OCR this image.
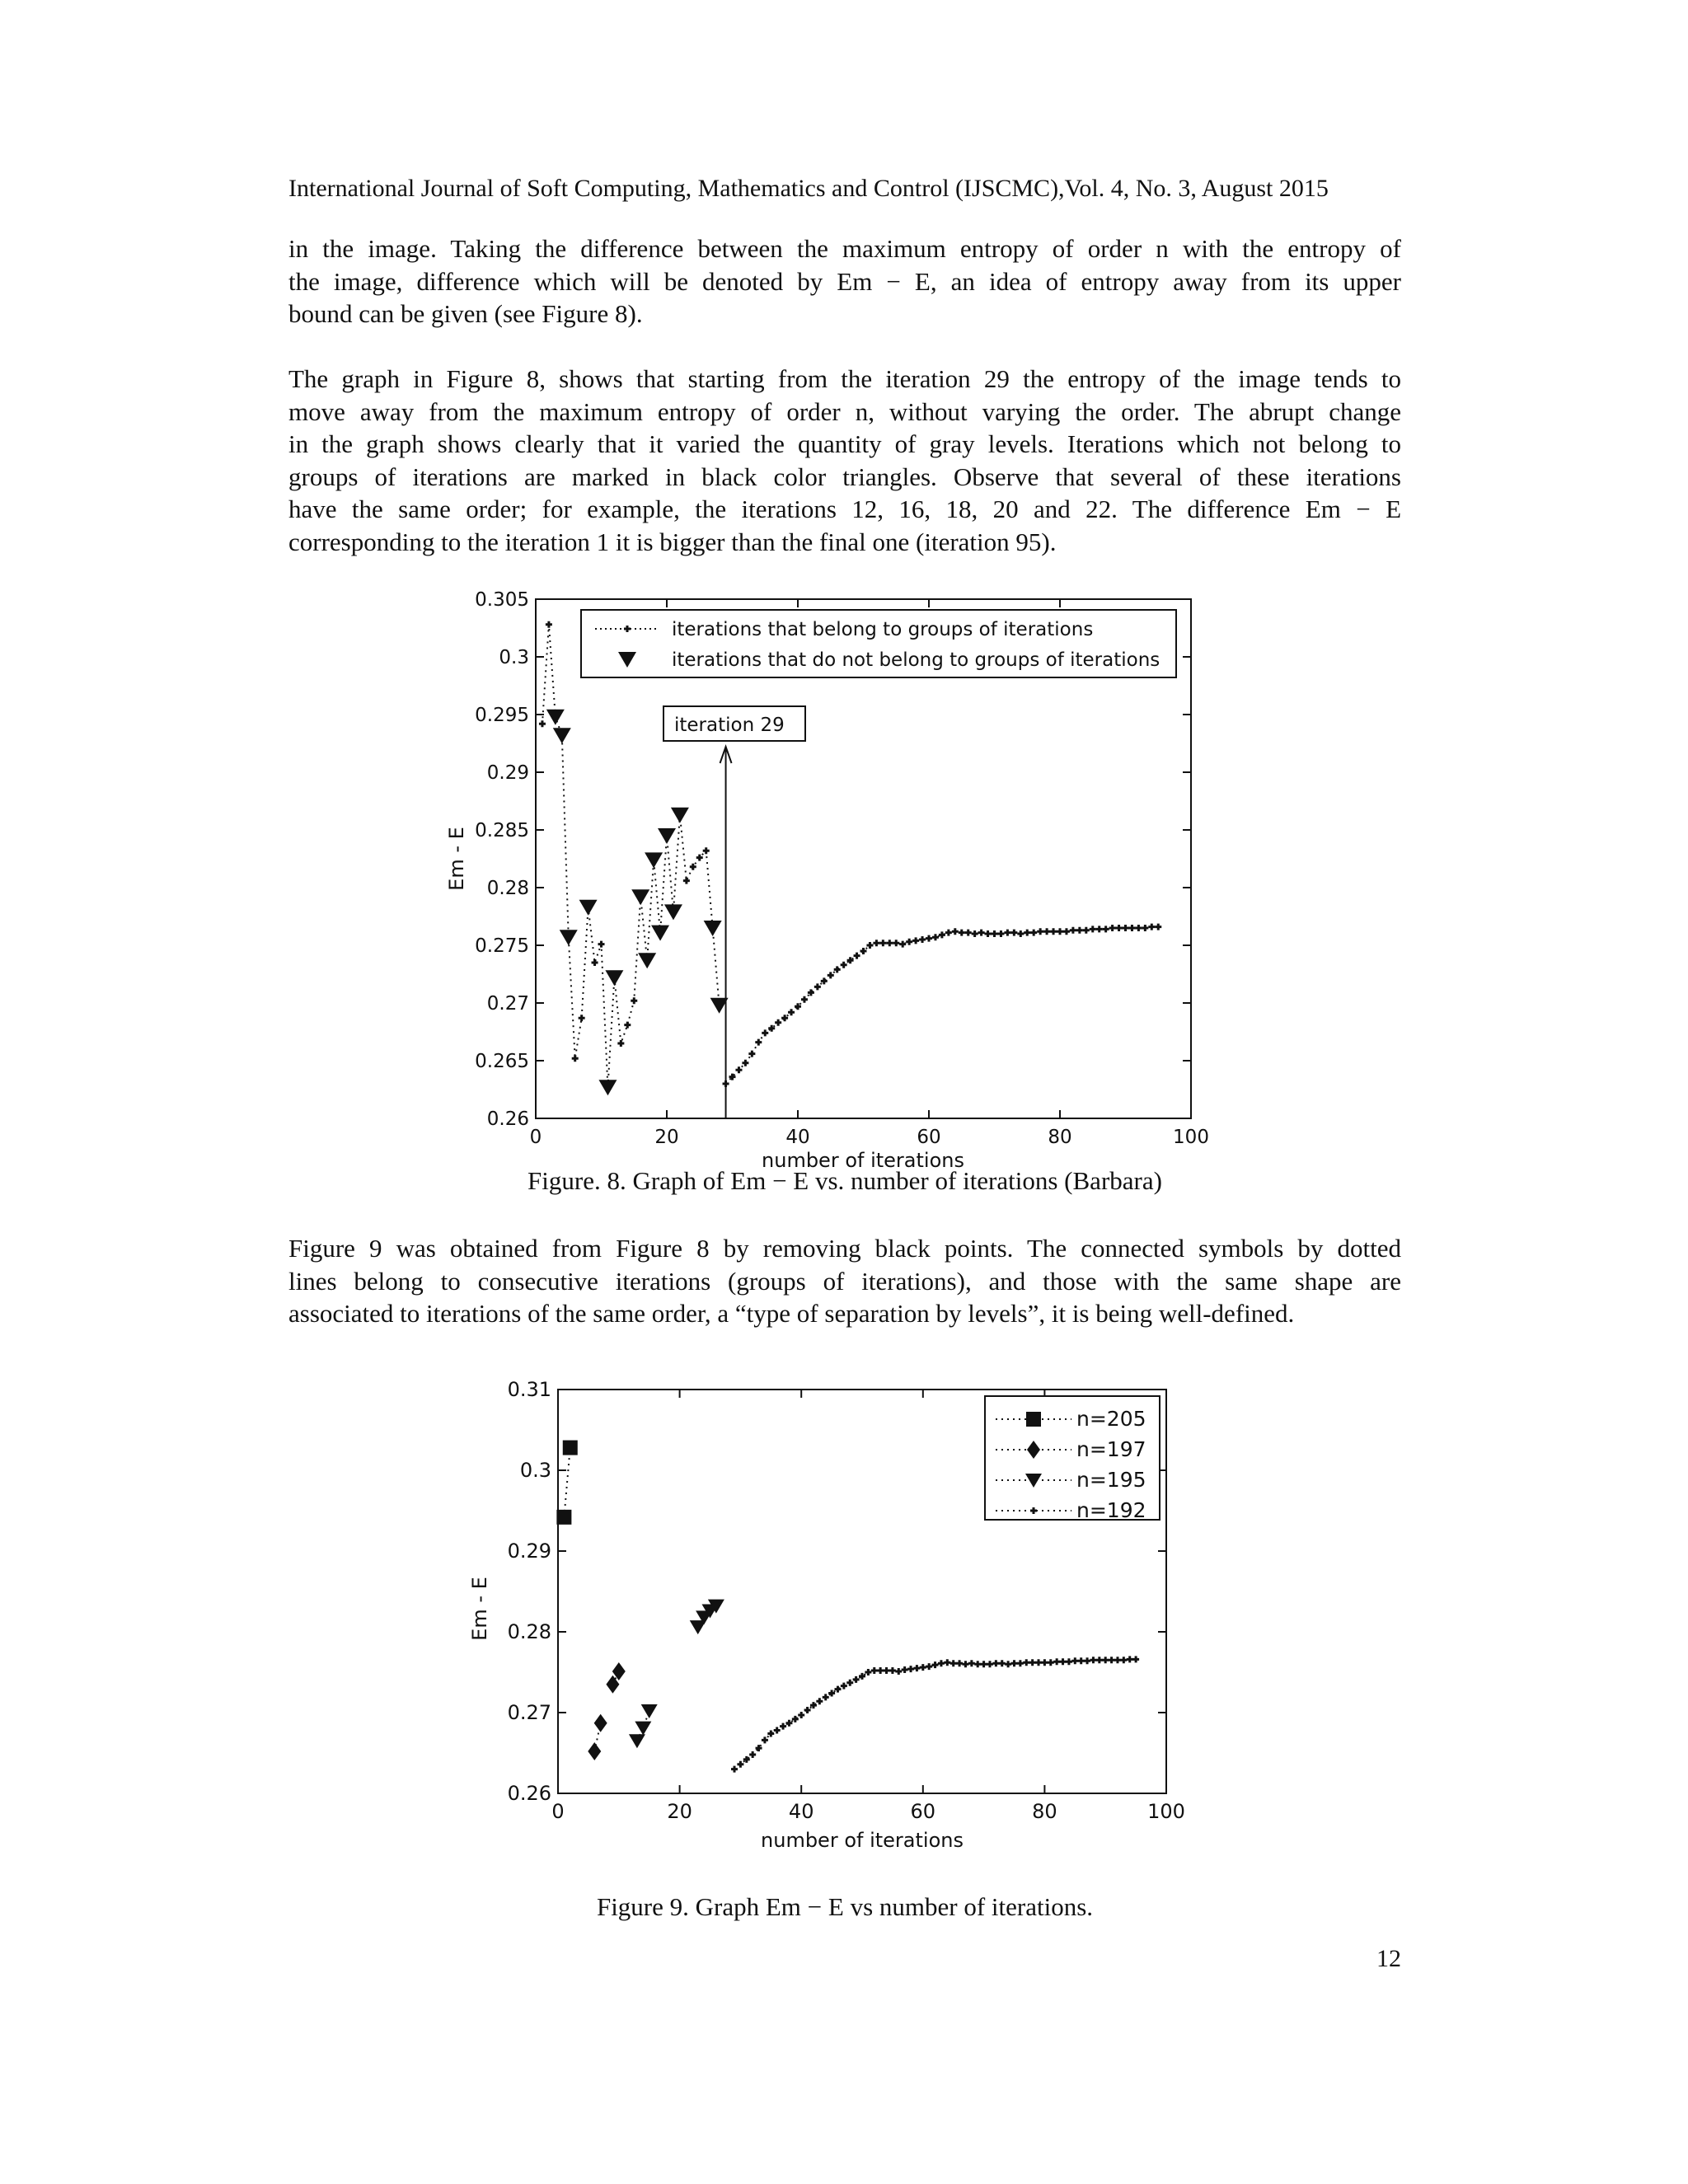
International Journal of Soft Computing, Mathematics and Control (IJSCMC),Vol. 4, No. 3, August 2015

in the image. Taking the difference between the maximum entropy of order n with the entropy of
the image, difference which will be denoted by Em − E, an idea of entropy away from its upper
bound can be given (see Figure 8).

The graph in Figure 8, shows that starting from the iteration 29 the entropy of the image tends to
move away from the maximum entropy of order n, without varying the order. The abrupt change
in the graph shows clearly that it varied the quantity of gray levels. Iterations which not belong to
groups of iterations are marked in black color triangles. Observe that several of these iterations
have the same order; for example, the iterations 12, 16, 18, 20 and 22. The difference Em − E
corresponding to the iteration 1 it is bigger than the final one (iteration 95).

0	20	40	60	80	100
0.26
0.265
0.27
0.275
0.28
0.285
0.29
0.295
0.3
0.305
iteration 29
iterations that belong to groups of iterations
iterations that do not belong to groups of iterations
number of iterations
Em - E
Figure. 8. Graph of Em − E vs. number of iterations (Barbara)

Figure 9 was obtained from Figure 8 by removing black points. The connected symbols by dotted
lines belong to consecutive iterations (groups of iterations), and those with the same shape are
associated to iterations of the same order, a “type of separation by levels”, it is being well-defined.

0	20	40	60	80	100
0.26
0.27
0.28
0.29
0.3
0.31
n=205
n=197
n=195
n=192
number of iterations
Em - E
Figure 9. Graph Em − E vs number of iterations.
12
